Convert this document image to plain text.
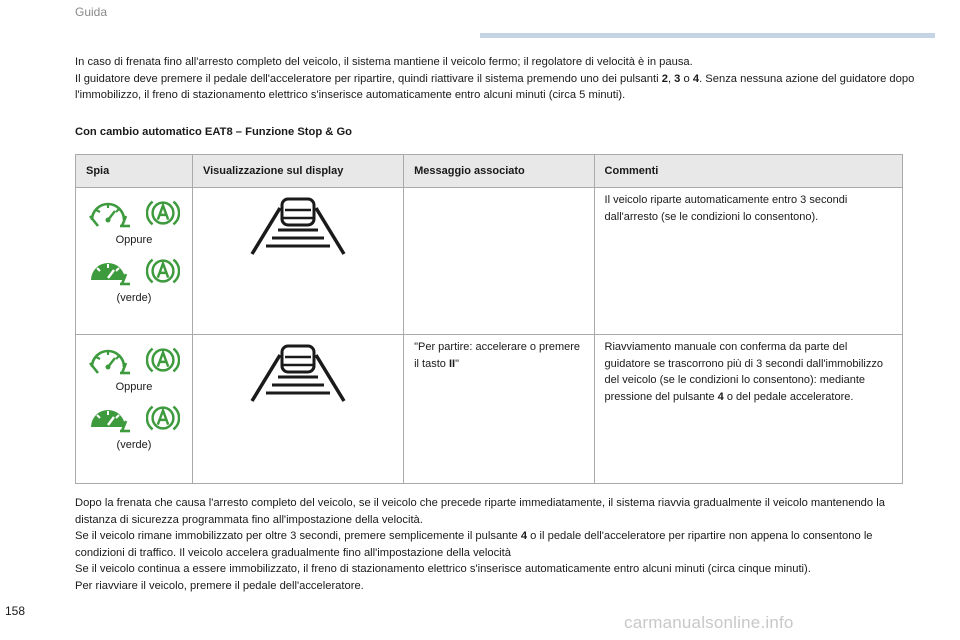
Guida
In caso di frenata fino all'arresto completo del veicolo, il sistema mantiene il veicolo fermo; il regolatore di velocità è in pausa.
Il guidatore deve premere il pedale dell'acceleratore per ripartire, quindi riattivare il sistema premendo uno dei pulsanti 2, 3 o 4. Senza nessuna azione del guidatore dopo l'immobilizzo, il freno di stazionamento elettrico s'inserisce automaticamente entro alcuni minuti (circa 5 minuti).
Con cambio automatico EAT8 – Funzione Stop & Go
Spia	Visualizzazione sul display	Messaggio associato	Commenti

Oppure
(verde)			Il veicolo riparte automaticamente entro 3 secondi dall'arresto (se le condizioni lo consentono).

Oppure
(verde)		"Per partire: accelerare o premere il tasto II"	Riavviamento manuale con conferma da parte del guidatore se trascorrono più di 3 secondi dall'immobilizzo del veicolo (se le condizioni lo consentono): mediante pressione del pulsante 4 o del pedale acceleratore.
Dopo la frenata che causa l'arresto completo del veicolo, se il veicolo che precede riparte immediatamente, il sistema riavvia gradualmente il veicolo mantenendo la distanza di sicurezza programmata fino all'impostazione della velocità.
Se il veicolo rimane immobilizzato per oltre 3 secondi, premere semplicemente il pulsante 4 o il pedale dell'acceleratore per ripartire non appena lo consentono le condizioni di traffico. Il veicolo accelera gradualmente fino all'impostazione della velocità
Se il veicolo continua a essere immobilizzato, il freno di stazionamento elettrico s'inserisce automaticamente entro alcuni minuti (circa cinque minuti).
Per riavviare il veicolo, premere il pedale dell'acceleratore.
158
carmanualsonline.info
